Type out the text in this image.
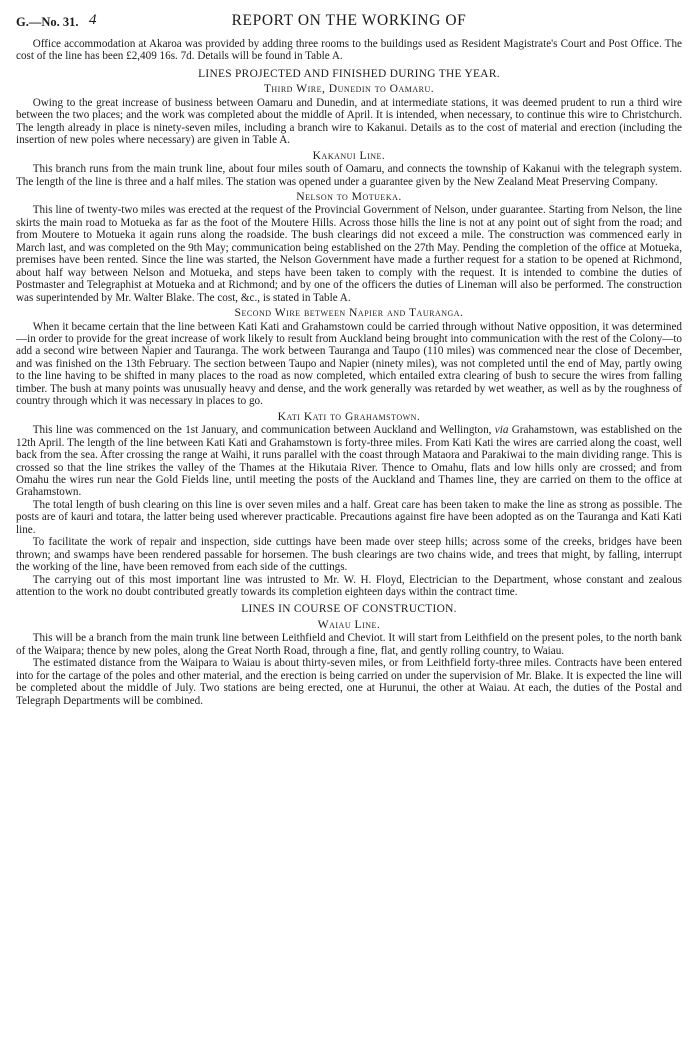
G.—No. 31. 4	REPORT ON THE WORKING OF

Office accommodation at Akaroa was provided by adding three rooms to the buildings used as Resident Magistrate's Court and Post Office. The cost of the line has been £2,409 16s. 7d. Details will be found in Table A.

LINES PROJECTED AND FINISHED DURING THE YEAR.
Third Wire, Dunedin to Oamaru.

Owing to the great increase of business between Oamaru and Dunedin, and at intermediate stations, it was deemed prudent to run a third wire between the two places; and the work was completed about the middle of April. It is intended, when necessary, to continue this wire to Christchurch. The length already in place is ninety-seven miles, including a branch wire to Kakanui. Details as to the cost of material and erection (including the insertion of new poles where necessary) are given in Table A.

Kakanui Line.

This branch runs from the main trunk line, about four miles south of Oamaru, and connects the township of Kakanui with the telegraph system. The length of the line is three and a half miles. The station was opened under a guarantee given by the New Zealand Meat Preserving Company.

Nelson to Motueka.

This line of twenty-two miles was erected at the request of the Provincial Government of Nelson, under guarantee. Starting from Nelson, the line skirts the main road to Motueka as far as the foot of the Moutere Hills. Across those hills the line is not at any point out of sight from the road; and from Moutere to Motueka it again runs along the roadside. The bush clearings did not exceed a mile. The construction was commenced early in March last, and was completed on the 9th May; communication being established on the 27th May. Pending the completion of the office at Motueka, premises have been rented. Since the line was started, the Nelson Government have made a further request for a station to be opened at Richmond, about half way between Nelson and Motueka, and steps have been taken to comply with the request. It is intended to combine the duties of Postmaster and Telegraphist at Motueka and at Richmond; and by one of the officers the duties of Lineman will also be performed. The construction was superintended by Mr. Walter Blake. The cost, &c., is stated in Table A.

Second Wire between Napier and Tauranga.

When it became certain that the line between Kati Kati and Grahamstown could be carried through without Native opposition, it was determined—in order to provide for the great increase of work likely to result from Auckland being brought into communication with the rest of the Colony—to add a second wire between Napier and Tauranga. The work between Tauranga and Taupo (110 miles) was commenced near the close of December, and was finished on the 13th February. The section between Taupo and Napier (ninety miles), was not completed until the end of May, partly owing to the line having to be shifted in many places to the road as now completed, which entailed extra clearing of bush to secure the wires from falling timber. The bush at many points was unusually heavy and dense, and the work generally was retarded by wet weather, as well as by the roughness of country through which it was necessary in places to go.

Kati Kati to Grahamstown.

This line was commenced on the 1st January, and communication between Auckland and Wellington, via Grahamstown, was established on the 12th April. The length of the line between Kati Kati and Grahamstown is forty-three miles. From Kati Kati the wires are carried along the coast, well back from the sea. After crossing the range at Waihi, it runs parallel with the coast through Mataora and Parakiwai to the main dividing range. This is crossed so that the line strikes the valley of the Thames at the Hikutaia River. Thence to Omahu, flats and low hills only are crossed; and from Omahu the wires run near the Gold Fields line, until meeting the posts of the Auckland and Thames line, they are carried on them to the office at Grahamstown.

The total length of bush clearing on this line is over seven miles and a half. Great care has been taken to make the line as strong as possible. The posts are of kauri and totara, the latter being used wherever practicable. Precautions against fire have been adopted as on the Tauranga and Kati Kati line.

To facilitate the work of repair and inspection, side cuttings have been made over steep hills; across some of the creeks, bridges have been thrown; and swamps have been rendered passable for horsemen. The bush clearings are two chains wide, and trees that might, by falling, interrupt the working of the line, have been removed from each side of the cuttings.

The carrying out of this most important line was intrusted to Mr. W. H. Floyd, Electrician to the Department, whose constant and zealous attention to the work no doubt contributed greatly towards its completion eighteen days within the contract time.

LINES IN COURSE OF CONSTRUCTION.
Waiau Line.

This will be a branch from the main trunk line between Leithfield and Cheviot. It will start from Leithfield on the present poles, to the north bank of the Waipara; thence by new poles, along the Great North Road, through a fine, flat, and gently rolling country, to Waiau.

The estimated distance from the Waipara to Waiau is about thirty-seven miles, or from Leithfield forty-three miles. Contracts have been entered into for the cartage of the poles and other material, and the erection is being carried on under the supervision of Mr. Blake. It is expected the line will be completed about the middle of July. Two stations are being erected, one at Hurunui, the other at Waiau. At each, the duties of the Postal and Telegraph Departments will be combined.
